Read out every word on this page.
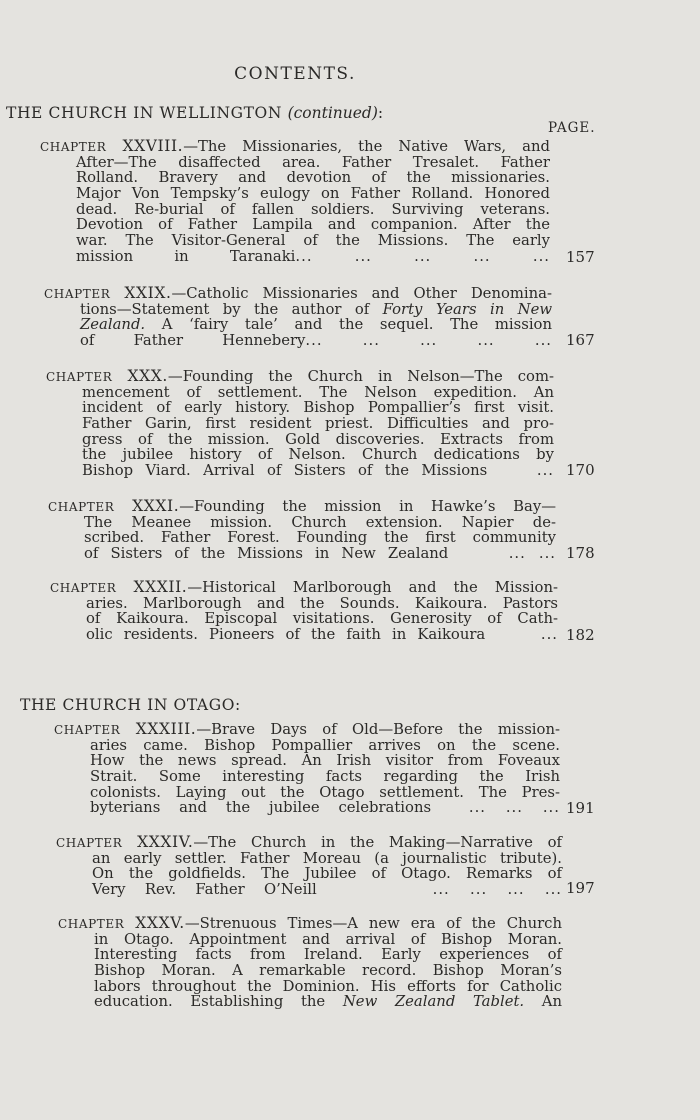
CONTENTS.
THE CHURCH IN WELLINGTON (continued):
PAGE.
CHAPTER XXVIII.—The Missionaries, the Native Wars, and
After—The disaffected area. Father Tresalet. Father
Rolland. Bravery and devotion of the missionaries.
Major Von Tempsky’s eulogy on Father Rolland. Honored
dead. Re-burial of fallen soldiers. Surviving veterans.
Devotion of Father Lampila and companion. After the
war. The Visitor-General of the Missions. The early
mission in Taranaki... ... ... ... ... 157
CHAPTER XXIX.—Catholic Missionaries and Other Denomina-
tions—Statement by the author of Forty Years in New
Zealand. A ‘fairy tale’ and the sequel. The mission
of Father Hennebery... ... ... ... ... 167
CHAPTER XXX.—Founding the Church in Nelson—The com-
mencement of settlement. The Nelson expedition. An
incident of early history. Bishop Pompallier’s first visit.
Father Garin, first resident priest. Difficulties and pro-
gress of the mission. Gold discoveries. Extracts from
the jubilee history of Nelson. Church dedications by
Bishop Viard. Arrival of Sisters of the Missions	... 170
CHAPTER XXXI.—Founding the mission in Hawke’s Bay—
The Meanee mission. Church extension. Napier de-
scribed. Father Forest. Founding the first community
of Sisters of the Missions in New Zealand	... ... 178
CHAPTER XXXII.—Historical Marlborough and the Mission-
aries. Marlborough and the Sounds. Kaikoura. Pastors
of Kaikoura. Episcopal visitations. Generosity of Cath-
olic residents. Pioneers of the faith in Kaikoura	... 182
THE CHURCH IN OTAGO:
CHAPTER XXXIII.—Brave Days of Old—Before the mission-
aries came. Bishop Pompallier arrives on the scene.
How the news spread. An Irish visitor from Foveaux
Strait. Some interesting facts regarding the Irish
colonists. Laying out the Otago settlement. The Pres-
byterians and the jubilee celebrations	... ... ... 191
CHAPTER XXXIV.—The Church in the Making—Narrative of
an early settler. Father Moreau (a journalistic tribute).
On the goldfields. The Jubilee of Otago. Remarks of
Very Rev. Father O’Neill	... ... ... ... 197
CHAPTER XXXV.—Strenuous Times—A new era of the Church
in Otago. Appointment and arrival of Bishop Moran.
Interesting facts from Ireland. Early experiences of
Bishop Moran. A remarkable record. Bishop Moran’s
labors throughout the Dominion. His efforts for Catholic
education. Establishing the New Zealand Tablet. An
